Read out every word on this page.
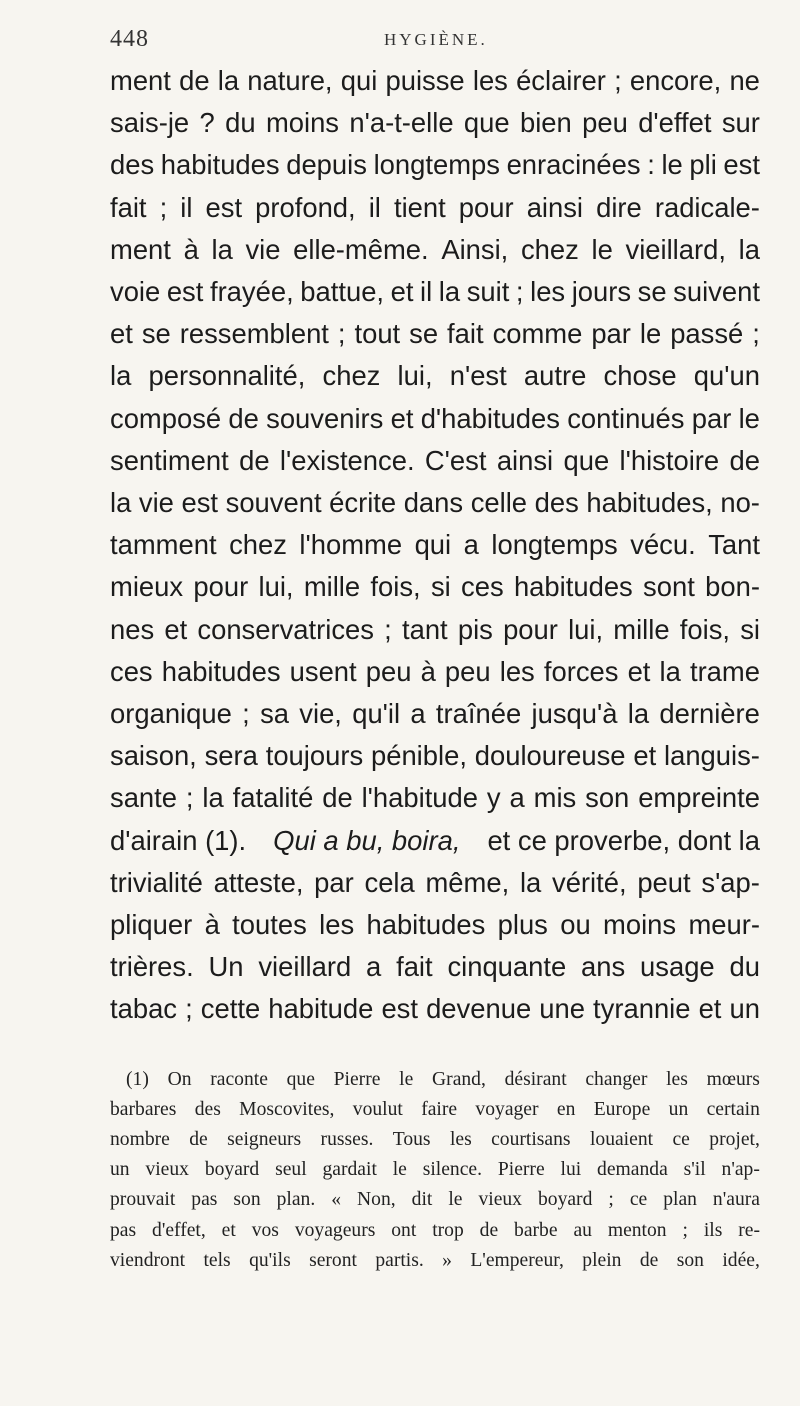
448	HYGIÈNE.
ment de la nature, qui puisse les éclairer ; encore, ne
sais-je ? du moins n'a-t-elle que bien peu d'effet sur
des habitudes depuis longtemps enracinées : le pli est
fait ; il est profond, il tient pour ainsi dire radicale-
ment à la vie elle-même. Ainsi, chez le vieillard, la
voie est frayée, battue, et il la suit ; les jours se suivent
et se ressemblent ; tout se fait comme par le passé ;
la personnalité, chez lui, n'est autre chose qu'un
composé de souvenirs et d'habitudes continués par le
sentiment de l'existence. C'est ainsi que l'histoire de
la vie est souvent écrite dans celle des habitudes, no-
tamment chez l'homme qui a longtemps vécu. Tant
mieux pour lui, mille fois, si ces habitudes sont bon-
nes et conservatrices ; tant pis pour lui, mille fois, si
ces habitudes usent peu à peu les forces et la trame
organique ; sa vie, qu'il a traînée jusqu'à la dernière
saison, sera toujours pénible, douloureuse et languis-
sante ; la fatalité de l'habitude y a mis son empreinte
d'airain (1). Qui a bu, boira, et ce proverbe, dont la
trivialité atteste, par cela même, la vérité, peut s'ap-
pliquer à toutes les habitudes plus ou moins meur-
trières. Un vieillard a fait cinquante ans usage du
tabac ; cette habitude est devenue une tyrannie et un
(1) On raconte que Pierre le Grand, désirant changer les mœurs
barbares des Moscovites, voulut faire voyager en Europe un certain
nombre de seigneurs russes. Tous les courtisans louaient ce projet,
un vieux boyard seul gardait le silence. Pierre lui demanda s'il n'ap-
prouvait pas son plan. « Non, dit le vieux boyard ; ce plan n'aura
pas d'effet, et vos voyageurs ont trop de barbe au menton ; ils re-
viendront tels qu'ils seront partis. » L'empereur, plein de son idée,
